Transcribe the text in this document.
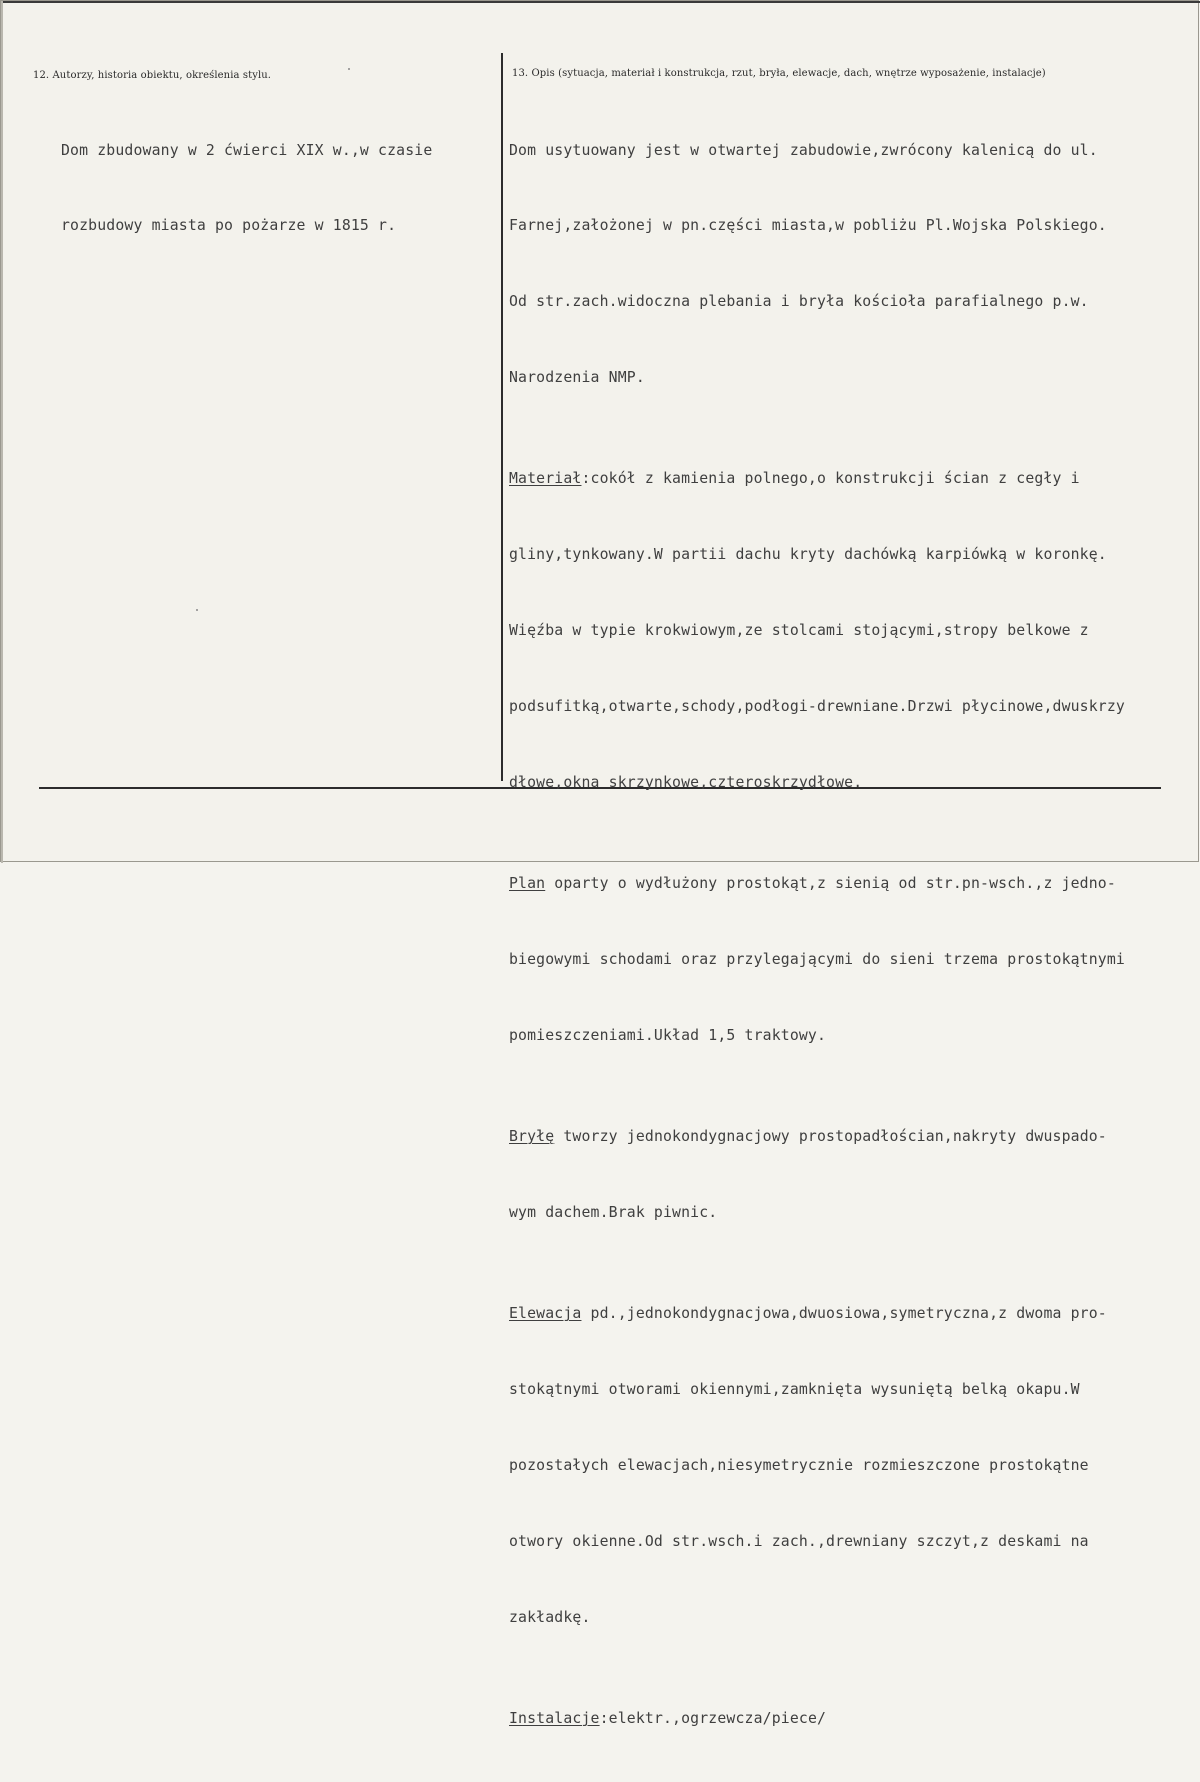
12. Autorzy, historia obiektu, określenia stylu.

Dom zbudowany w 2 ćwierci XIX w.,w czasie

rozbudowy miasta po pożarze w 1815 r.

13. Opis (sytuacja, materiał i konstrukcja, rzut, bryła, elewacje, dach, wnętrze wyposażenie, instalacje)

Dom usytuowany jest w otwartej zabudowie,zwrócony kalenicą do ul.

Farnej,założonej w pn.części miasta,w pobliżu Pl.Wojska Polskiego.

Od str.zach.widoczna plebania i bryła kościoła parafialnego p.w.

Narodzenia NMP.

Materiał:cokół z kamienia polnego,o konstrukcji ścian z cegły i

gliny,tynkowany.W partii dachu kryty dachówką karpiówką w koronkę.

Więźba w typie krokwiowym,ze stolcami stojącymi,stropy belkowe z

podsufitką,otwarte,schody,podłogi-drewniane.Drzwi płycinowe,dwuskrzy

dłowe,okna skrzynkowe,czteroskrzydłowe.

Plan oparty o wydłużony prostokąt,z sienią od str.pn-wsch.,z jedno-

biegowymi schodami oraz przylegającymi do sieni trzema prostokątnymi

pomieszczeniami.Układ 1,5 traktowy.

Bryłę tworzy jednokondygnacjowy prostopadłościan,nakryty dwuspado-

wym dachem.Brak piwnic.

Elewacja pd.,jednokondygnacjowa,dwuosiowa,symetryczna,z dwoma pro-

stokątnymi otworami okiennymi,zamknięta wysuniętą belką okapu.W

pozostałych elewacjach,niesymetrycznie rozmieszczone prostokątne

otwory okienne.Od str.wsch.i zach.,drewniany szczyt,z deskami na

zakładkę.

Instalacje:elektr.,ogrzewcza/piece/
